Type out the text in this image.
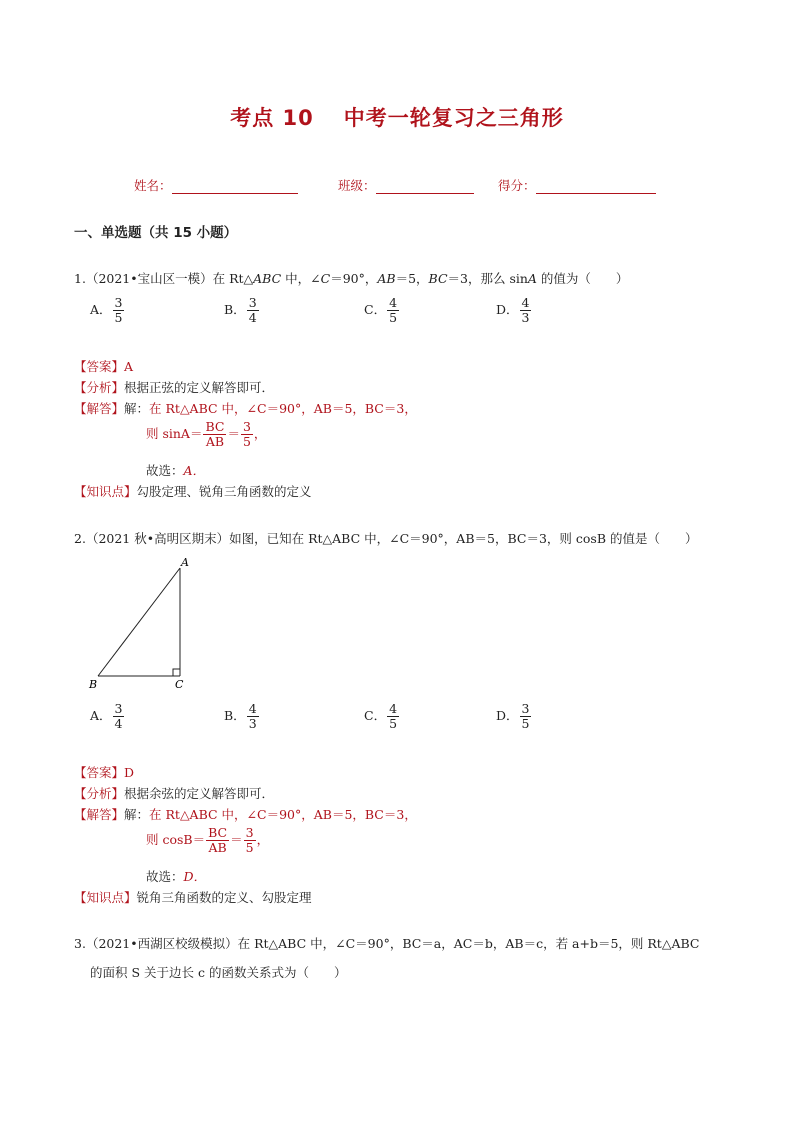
考点 10 中考一轮复习之三角形
姓名：	班级：	得分：
一、单选题（共 15 小题）
1.（2021•宝山区一模）在 Rt△ABC 中，∠C＝90°，AB＝5，BC＝3，那么 sinA 的值为（　　）
A． $\frac{3}{5}$	B． $\frac{3}{4}$	C． $\frac{4}{5}$	D． $\frac{4}{3}$
【答案】A
【分析】根据正弦的定义解答即可．
【解答】解：在 Rt△ABC 中，∠C＝90°，AB＝5，BC＝3，
则 $\sin A= \frac{BC}{AB} = \frac{3}{5}$ ，
故选：A．
【知识点】勾股定理、锐角三角函数的定义
2.（2021 秋•高明区期末）如图，已知在 Rt△ABC 中，∠C＝90°，AB＝5，BC＝3，则 cosB 的值是（　　）
A
B	C
A． $\frac{3}{4}$	B． $\frac{4}{3}$	C． $\frac{4}{5}$	D． $\frac{3}{5}$
【答案】D
【分析】根据余弦的定义解答即可．
【解答】解：在 Rt△ABC 中，∠C＝90°，AB＝5，BC＝3，
则 $\cos B= \frac{BC}{AB} = \frac{3}{5}$ ，
故选：D．
【知识点】锐角三角函数的定义、勾股定理
3.（2021•西湖区校级模拟）在 Rt△ABC 中，∠C＝90°，BC＝a，AC＝b，AB＝c，若 a+b＝5，则 Rt△ABC
的面积 S 关于边长 c 的函数关系式为（　　）
